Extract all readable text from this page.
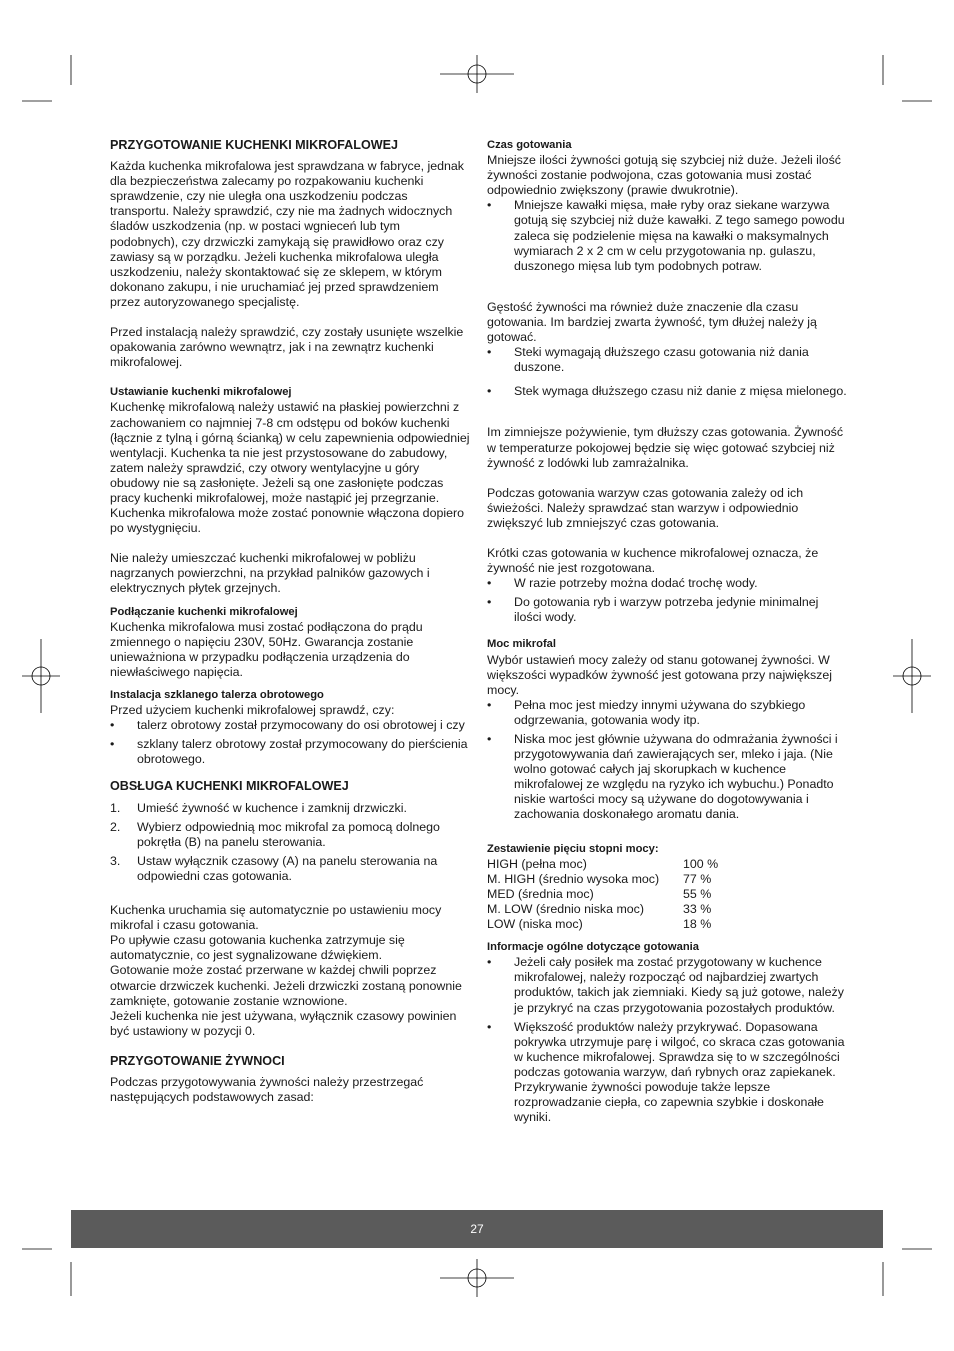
PRZYGOTOWANIE KUCHENKI MIKROFALOWEJ

Każda kuchenka mikrofalowa jest sprawdzana w fabryce, jednak dla bezpieczeństwa zalecamy po rozpakowaniu kuchenki sprawdzenie, czy nie uległa ona uszkodzeniu podczas transportu. Należy sprawdzić, czy nie ma żadnych widocznych śladów uszkodzenia (np. w postaci wgnieceń lub tym podobnych), czy drzwiczki zamykają się prawidłowo oraz czy zawiasy są w porządku. Jeżeli kuchenka mikrofalowa uległa uszkodzeniu, należy skontaktować się ze sklepem, w którym dokonano zakupu, i nie uruchamiać jej przed sprawdzeniem przez autoryzowanego specjalistę.

Przed instalacją należy sprawdzić, czy zostały usunięte wszelkie opakowania zarówno wewnątrz, jak i na zewnątrz kuchenki mikrofalowej.

Ustawianie kuchenki mikrofalowej

Kuchenkę mikrofalową należy ustawić na płaskiej powierzchni z zachowaniem co najmniej 7-8 cm odstępu od boków kuchenki (łącznie z tylną i górną ścianką) w celu zapewnienia odpowiedniej wentylacji. Kuchenka ta nie jest przystosowane do zabudowy, zatem należy sprawdzić, czy otwory wentylacyjne u góry obudowy nie są zasłonięte. Jeżeli są one zasłonięte podczas pracy kuchenki mikrofalowej, może nastąpić jej przegrzanie. Kuchenka mikrofalowa może zostać ponownie włączona dopiero po wystygnięciu.

Nie należy umieszczać kuchenki mikrofalowej w pobliżu nagrzanych powierzchni, na przykład palników gazowych i elektrycznych płytek grzejnych.

Podłączanie kuchenki mikrofalowej

Kuchenka mikrofalowa musi zostać podłączona do prądu zmiennego o napięciu 230V, 50Hz. Gwarancja zostanie unieważniona w przypadku podłączenia urządzenia do niewłaściwego napięcia.

Instalacja szklanego talerza obrotowego

Przed użyciem kuchenki mikrofalowej sprawdź, czy:

•	talerz obrotowy został przymocowany do osi obrotowej i czy
•	szklany talerz obrotowy został przymocowany do pierścienia obrotowego.
OBSŁUGA KUCHENKI MIKROFALOWEJ
1.	Umieść żywność w kuchence i zamknij drzwiczki.
2.	Wybierz odpowiednią moc mikrofal za pomocą dolnego pokrętła (B) na panelu sterowania.
3.	Ustaw wyłącznik czasowy (A) na panelu sterowania na odpowiedni czas gotowania.

Kuchenka uruchamia się automatycznie po ustawieniu mocy mikrofal i czasu gotowania.

Po upływie czasu gotowania kuchenka zatrzymuje się automatycznie, co jest sygnalizowane dźwiękiem.

Gotowanie może zostać przerwane w każdej chwili poprzez otwarcie drzwiczek kuchenki. Jeżeli drzwiczki zostaną ponownie zamknięte, gotowanie zostanie wznowione.

Jeżeli kuchenka nie jest używana, wyłącznik czasowy powinien być ustawiony w pozycji 0.

PRZYGOTOWANIE ŻYWNOCI

Podczas przygotowywania żywności należy przestrzegać następujących podstawowych zasad:

Czas gotowania

Mniejsze ilości żywności gotują się szybciej niż duże. Jeżeli ilość żywności zostanie podwojona, czas gotowania musi zostać odpowiednio zwiększony (prawie dwukrotnie).

•	Mniejsze kawałki mięsa, małe ryby oraz siekane warzywa gotują się szybciej niż duże kawałki. Z tego samego powodu zaleca się podzielenie mięsa na kawałki o maksymalnych wymiarach 2 x 2 cm w celu przygotowania np. gulaszu, duszonego mięsa lub tym podobnych potraw.

Gęstość żywności ma również duże znaczenie dla czasu gotowania. Im bardziej zwarta żywność, tym dłużej należy ją gotować.

•	Steki wymagają dłuższego czasu gotowania niż dania duszone.
•	Stek wymaga dłuższego czasu niż danie z mięsa mielonego.

Im zimniejsze pożywienie, tym dłuższy czas gotowania. Żywność w temperaturze pokojowej będzie się więc gotować szybciej niż żywność z lodówki lub zamrażalnika.

Podczas gotowania warzyw czas gotowania zależy od ich świeżości. Należy sprawdzać stan warzyw i odpowiednio zwiększyć lub zmniejszyć czas gotowania.

Krótki czas gotowania w kuchence mikrofalowej oznacza, że żywność nie jest rozgotowana.

•	W razie potrzeby można dodać trochę wody.
•	Do gotowania ryb i warzyw potrzeba jedynie minimalnej ilości wody.
Moc mikrofal

Wybór ustawień mocy zależy od stanu gotowanej żywności. W większości wypadków żywność jest gotowana przy największej mocy.

•	Pełna moc jest miedzy innymi używana do szybkiego odgrzewania, gotowania wody itp.
•	Niska moc jest głównie używana do odmrażania żywności i przygotowywania dań zawierających ser, mleko i jaja. (Nie wolno gotować całych jaj skorupkach w kuchence mikrofalowej ze względu na ryzyko ich wybuchu.) Ponadto niskie wartości mocy są używane do dogotowywania i zachowania doskonałego aromatu dania.
Zestawienie pięciu stopni mocy:
HIGH (pełna moc)	100 %
M. HIGH (średnio wysoka moc)	77 %
MED (średnia moc)	55 %
M. LOW (średnio niska moc)	33 %
LOW (niska moc)	18 %
Informacje ogólne dotyczące gotowania
•	Jeżeli cały posiłek ma zostać przygotowany w kuchence mikrofalowej, należy rozpocząć od najbardziej zwartych produktów, takich jak ziemniaki. Kiedy są już gotowe, należy je przykryć na czas przygotowania pozostałych produktów.
•	Większość produktów należy przykrywać. Dopasowana pokrywka utrzymuje parę i wilgoć, co skraca czas gotowania w kuchence mikrofalowej. Sprawdza się to w szczególności podczas gotowania warzyw, dań rybnych oraz zapiekanek. Przykrywanie żywności powoduje także lepsze rozprowadzanie ciepła, co zapewnia szybkie i doskonałe wyniki.
27
